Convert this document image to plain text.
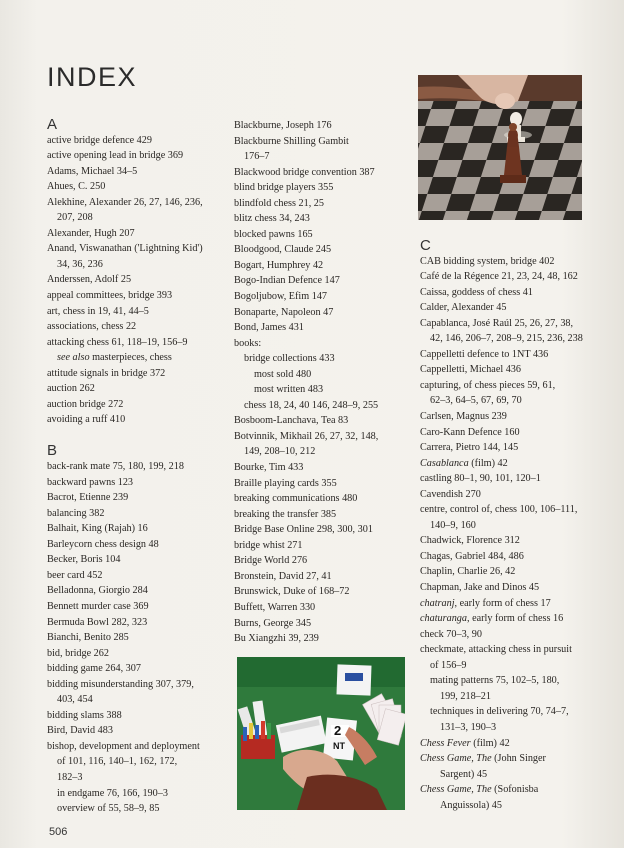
INDEX
2
NT
A
active bridge defence 429
active opening lead in bridge 369
Adams, Michael 34–5
Ahues, C. 250
Alekhine, Alexander 26, 27, 146, 236,
207, 208
Alexander, Hugh 207
Anand, Viswanathan ('Lightning Kid')
34, 36, 236
Anderssen, Adolf 25
appeal committees, bridge 393
art, chess in 19, 41, 44–5
associations, chess 22
attacking chess 61, 118–19, 156–9
see also masterpieces, chess
attitude signals in bridge 372
auction 262
auction bridge 272
avoiding a ruff 410
B
back-rank mate 75, 180, 199, 218
backward pawns 123
Bacrot, Etienne 239
balancing 382
Balhait, King (Rajah) 16
Barleycorn chess design 48
Becker, Boris 104
beer card 452
Belladonna, Giorgio 284
Bennett murder case 369
Bermuda Bowl 282, 323
Bianchi, Benito 285
bid, bridge 262
bidding game 264, 307
bidding misunderstanding 307, 379,
403, 454
bidding slams 388
Bird, David 483
bishop, development and deployment
of 101, 116, 140–1, 162, 172,
182–3
in endgame 76, 166, 190–3
overview of 55, 58–9, 85
Blackburne, Joseph 176
Blackburne Shilling Gambit
176–7
Blackwood bridge convention 387
blind bridge players 355
blindfold chess 21, 25
blitz chess 34, 243
blocked pawns 165
Bloodgood, Claude 245
Bogart, Humphrey 42
Bogo-Indian Defence 147
Bogoljubow, Efim 147
Bonaparte, Napoleon 47
Bond, James 431
books:
bridge collections 433
most sold 480
most written 483
chess 18, 24, 40 146, 248–9, 255
Bosboom-Lanchava, Tea 83
Botvinnik, Mikhail 26, 27, 32, 148,
149, 208–10, 212
Bourke, Tim 433
Braille playing cards 355
breaking communications 480
breaking the transfer 385
Bridge Base Online 298, 300, 301
bridge whist 271
Bridge World 276
Bronstein, David 27, 41
Brunswick, Duke of 168–72
Buffett, Warren 330
Burns, George 345
Bu Xiangzhi 39, 239
C
CAB bidding system, bridge 402
Café de la Régence 21, 23, 24, 48, 162
Caissa, goddess of chess 41
Calder, Alexander 45
Capablanca, José Raúl 25, 26, 27, 38,
42, 146, 206–7, 208–9, 215, 236, 238
Cappelletti defence to 1NT 436
Cappelletti, Michael 436
capturing, of chess pieces 59, 61,
62–3, 64–5, 67, 69, 70
Carlsen, Magnus 239
Caro-Kann Defence 160
Carrera, Pietro 144, 145
Casablanca (film) 42
castling 80–1, 90, 101, 120–1
Cavendish 270
centre, control of, chess 100, 106–111,
140–9, 160
Chadwick, Florence 312
Chagas, Gabriel 484, 486
Chaplin, Charlie 26, 42
Chapman, Jake and Dinos 45
chatranj, early form of chess 17
chaturanga, early form of chess 16
check 70–3, 90
checkmate, attacking chess in pursuit
of 156–9
mating patterns 75, 102–5, 180,
199, 218–21
techniques in delivering 70, 74–7,
131–3, 190–3
Chess Fever (film) 42
Chess Game, The (John Singer
Sargent) 45
Chess Game, The (Sofonisba
Anguissola) 45
506
